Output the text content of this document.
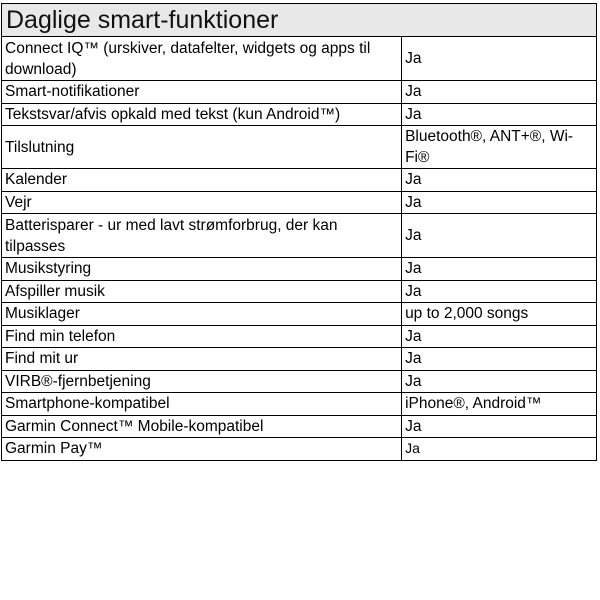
Daglige smart-funktioner	
Connect IQ™ (urskiver, datafelter, widgets og apps til download)	Ja
Smart-notifikationer	Ja
Tekstsvar/afvis opkald med tekst (kun Android™)	Ja
Tilslutning	Bluetooth®, ANT+®, Wi-Fi®
Kalender	Ja
Vejr	Ja
Batterisparer - ur med lavt strømforbrug, der kan tilpasses	Ja
Musikstyring	Ja
Afspiller musik	Ja
Musiklager	up to 2,000 songs
Find min telefon	Ja
Find mit ur	Ja
VIRB®-fjernbetjening	Ja
Smartphone-kompatibel	iPhone®, Android™
Garmin Connect™ Mobile-kompatibel	Ja
Garmin Pay™	Ja
